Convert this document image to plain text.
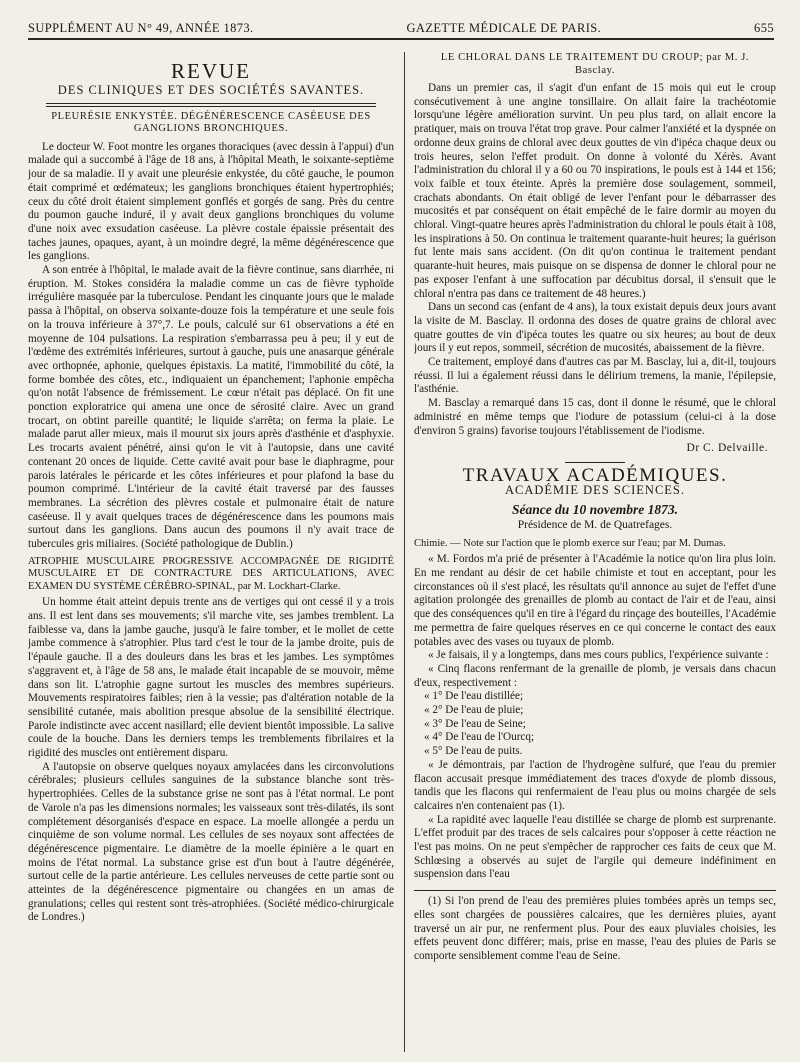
SUPPLÉMENT AU N° 49, ANNÉE 1873.	GAZETTE MÉDICALE DE PARIS.	655
REVUE
DES CLINIQUES ET DES SOCIÉTÉS SAVANTES.
PLEURÉSIE ENKYSTÉE. DÉGÉNÉRESCENCE CASÉEUSE DES GANGLIONS BRONCHIQUES.

Le docteur W. Foot montre les organes thoraciques (avec dessin à l'appui) d'un malade qui a succombé à l'âge de 18 ans, à l'hôpital Meath, le soixante-septième jour de sa maladie. Il y avait une pleurésie enkystée, du côté gauche, le poumon était comprimé et œdémateux; les ganglions bronchiques étaient hypertrophiés; ceux du côté droit étaient simplement gonflés et gorgés de sang. Près du centre du poumon gauche induré, il y avait deux ganglions bronchiques du volume d'une noix avec exsudation caséeuse. La plèvre costale épaissie présentait des taches jaunes, opaques, ayant, à un moindre degré, la même dégénérescence que les ganglions.

A son entrée à l'hôpital, le malade avait de la fièvre continue, sans diarrhée, ni éruption. M. Stokes considéra la maladie comme un cas de fièvre typhoïde irrégulière masquée par la tuberculose. Pendant les cinquante jours que le malade passa à l'hôpital, on observa soixante-douze fois la température et une seule fois on la trouva inférieure à 37°,7. Le pouls, calculé sur 61 observations a été en moyenne de 104 pulsations. La respiration s'embarrassa peu à peu; il y eut de l'œdème des extrémités inférieures, surtout à gauche, puis une anasarque générale avec orthopnée, aphonie, quelques épistaxis. La matité, l'immobilité du côté, la forme bombée des côtes, etc., indiquaient un épanchement; l'aphonie empêcha qu'on notât l'absence de frémissement. Le cœur n'était pas déplacé. On fit une ponction exploratrice qui amena une once de sérosité claire. Avec un grand trocart, on obtint pareille quantité; le liquide s'arrêta; on ferma la plaie. Le malade parut aller mieux, mais il mourut six jours après d'asthénie et d'asphyxie. Les trocarts avaient pénétré, ainsi qu'on le vit à l'autopsie, dans une cavité contenant 20 onces de liquide. Cette cavité avait pour base le diaphragme, pour parois latérales le péricarde et les côtes inférieures et pour plafond la base du poumon comprimé. L'intérieur de la cavité était traversé par des fausses membranes. La sécrétion des plèvres costale et pulmonaire était de nature caséeuse. Il y avait quelques traces de dégénérescence dans les poumons mais surtout dans les ganglions. Dans aucun des poumons il n'y avait trace de tubercules gris miliaires. (Société pathologique de Dublin.)

ATROPHIE MUSCULAIRE PROGRESSIVE ACCOMPAGNÉE DE RIGIDITÉ MUSCULAIRE ET DE CONTRACTURE DES ARTICULATIONS, AVEC EXAMEN DU SYSTÈME CÉRÉBRO-SPINAL, par M. Lockhart-Clarke.

Un homme était atteint depuis trente ans de vertiges qui ont cessé il y a trois ans. Il est lent dans ses mouvements; s'il marche vite, ses jambes tremblent. La faiblesse va, dans la jambe gauche, jusqu'à le faire tomber, et le mollet de cette jambe commence à s'atrophier. Plus tard c'est le tour de la jambe droite, puis de l'épaule gauche. Il a des douleurs dans les bras et les jambes. Les symptômes s'aggravent et, à l'âge de 58 ans, le malade était incapable de se mouvoir, même dans son lit. L'atrophie gagne surtout les muscles des membres supérieurs. Mouvements respiratoires faibles; rien à la vessie; pas d'altération notable de la sensibilité cutanée, mais abolition presque absolue de la sensibilité électrique. Parole indistincte avec accent nasillard; elle devient bientôt impossible. La salive coule de la bouche. Dans les derniers temps les tremblements fibrilaires et la rigidité des muscles ont entièrement disparu.

A l'autopsie on observe quelques noyaux amylacées dans les circonvolutions cérébrales; plusieurs cellules sanguines de la substance blanche sont très-hypertrophiées. Celles de la substance grise ne sont pas à l'état normal. Le pont de Varole n'a pas les dimensions normales; les vaisseaux sont très-dilatés, ils sont complétement désorganisés d'espace en espace. La moelle allongée a perdu un cinquième de son volume normal. Les cellules de ses noyaux sont affectées de dégénérescence pigmentaire. Le diamètre de la moelle épinière a le quart en moins de l'état normal. La substance grise est d'un bout à l'autre dégénérée, surtout celle de la partie antérieure. Les cellules nerveuses de cette partie sont ou atteintes de la dégénérescence pigmentaire ou changées en un amas de granulations; celles qui restent sont très-atrophiées. (Société médico-chirurgicale de Londres.)

LE CHLORAL DANS LE TRAITEMENT DU CROUP; par M. J. Basclay.

Dans un premier cas, il s'agit d'un enfant de 15 mois qui eut le croup consécutivement à une angine tonsillaire. On allait faire la trachéotomie lorsqu'une légère amélioration survint. Un peu plus tard, on allait encore la pratiquer, mais on trouva l'état trop grave. Pour calmer l'anxiété et la dyspnée on ordonne deux grains de chloral avec deux gouttes de vin d'ipéca chaque deux ou trois heures, selon l'effet produit. On donne à volonté du Xérès. Avant l'administration du chloral il y a 60 ou 70 inspirations, le pouls est à 144 et 156; voix faible et toux éteinte. Après la première dose soulagement, sommeil, crachats abondants. On était obligé de lever l'enfant pour le débarrasser des mucosités et par conséquent on était empêché de le faire dormir au moyen du chloral. Vingt-quatre heures après l'administration du chloral le pouls était à 108, les inspirations à 50. On continua le traitement quarante-huit heures; la guérison fut lente mais sans accident. (On dit qu'on continua le traitement pendant quarante-huit heures, mais puisque on se dispensa de donner le chloral pour ne pas exposer l'enfant à une suffocation par décubitus dorsal, il s'ensuit que le chloral n'entra pas dans ce traitement de 48 heures.)

Dans un second cas (enfant de 4 ans), la toux existait depuis deux jours avant la visite de M. Basclay. Il ordonna des doses de quatre grains de chloral avec quatre gouttes de vin d'ipéca toutes les quatre ou six heures; au bout de deux jours il y eut repos, sommeil, sécrétion de mucosités, abaissement de la fièvre.

Ce traitement, employé dans d'autres cas par M. Basclay, lui a, dit-il, toujours réussi. Il lui a également réussi dans le délirium tremens, la manie, l'épilepsie, l'asthénie.

M. Basclay a remarqué dans 15 cas, dont il donne le résumé, que le chloral administré en même temps que l'iodure de potassium (celui-ci à la dose d'environ 5 grains) favorise toujours l'établissement de l'iodisme.

Dr C. Delvaille.
TRAVAUX ACADÉMIQUES.
ACADÉMIE DES SCIENCES.
Séance du 10 novembre 1873.
Présidence de M. de Quatrefages.
Chimie. — Note sur l'action que le plomb exerce sur l'eau; par M. Dumas.

« M. Fordos m'a prié de présenter à l'Académie la notice qu'on lira plus loin. En me rendant au désir de cet habile chimiste et tout en acceptant, pour les circonstances où il s'est placé, les résultats qu'il annonce au sujet de l'effet d'une agitation prolongée des grenailles de plomb au contact de l'air et de l'eau, ainsi que des conséquences qu'il en tire à l'égard du rinçage des bouteilles, l'Académie me permettra de faire quelques réserves en ce qui concerne le contact des eaux potables avec des vases ou tuyaux de plomb.

« Je faisais, il y a longtemps, dans mes cours publics, l'expérience suivante :

« Cinq flacons renfermant de la grenaille de plomb, je versais dans chacun d'eux, respectivement :

« 1° De l'eau distillée;

« 2° De l'eau de pluie;

« 3° De l'eau de Seine;

« 4° De l'eau de l'Ourcq;

« 5° De l'eau de puits.

« Je démontrais, par l'action de l'hydrogène sulfuré, que l'eau du premier flacon accusait presque immédiatement des traces d'oxyde de plomb dissous, tandis que les flacons qui renfermaient de l'eau plus ou moins chargée de sels calcaires n'en contenaient pas (1).

« La rapidité avec laquelle l'eau distillée se charge de plomb est surprenante. L'effet produit par des traces de sels calcaires pour s'opposer à cette réaction ne l'est pas moins. On ne peut s'empêcher de rapprocher ces faits de ceux que M. Schlœsing a observés au sujet de l'argile qui demeure indéfiniment en suspension dans l'eau

(1) Si l'on prend de l'eau des premières pluies tombées après un temps sec, elles sont chargées de poussières calcaires, que les dernières pluies, ayant traversé un air pur, ne renferment plus. Pour des eaux pluviales choisies, les effets peuvent donc différer; mais, prise en masse, l'eau des pluies de Paris se comporte sensiblement comme l'eau de Seine.
